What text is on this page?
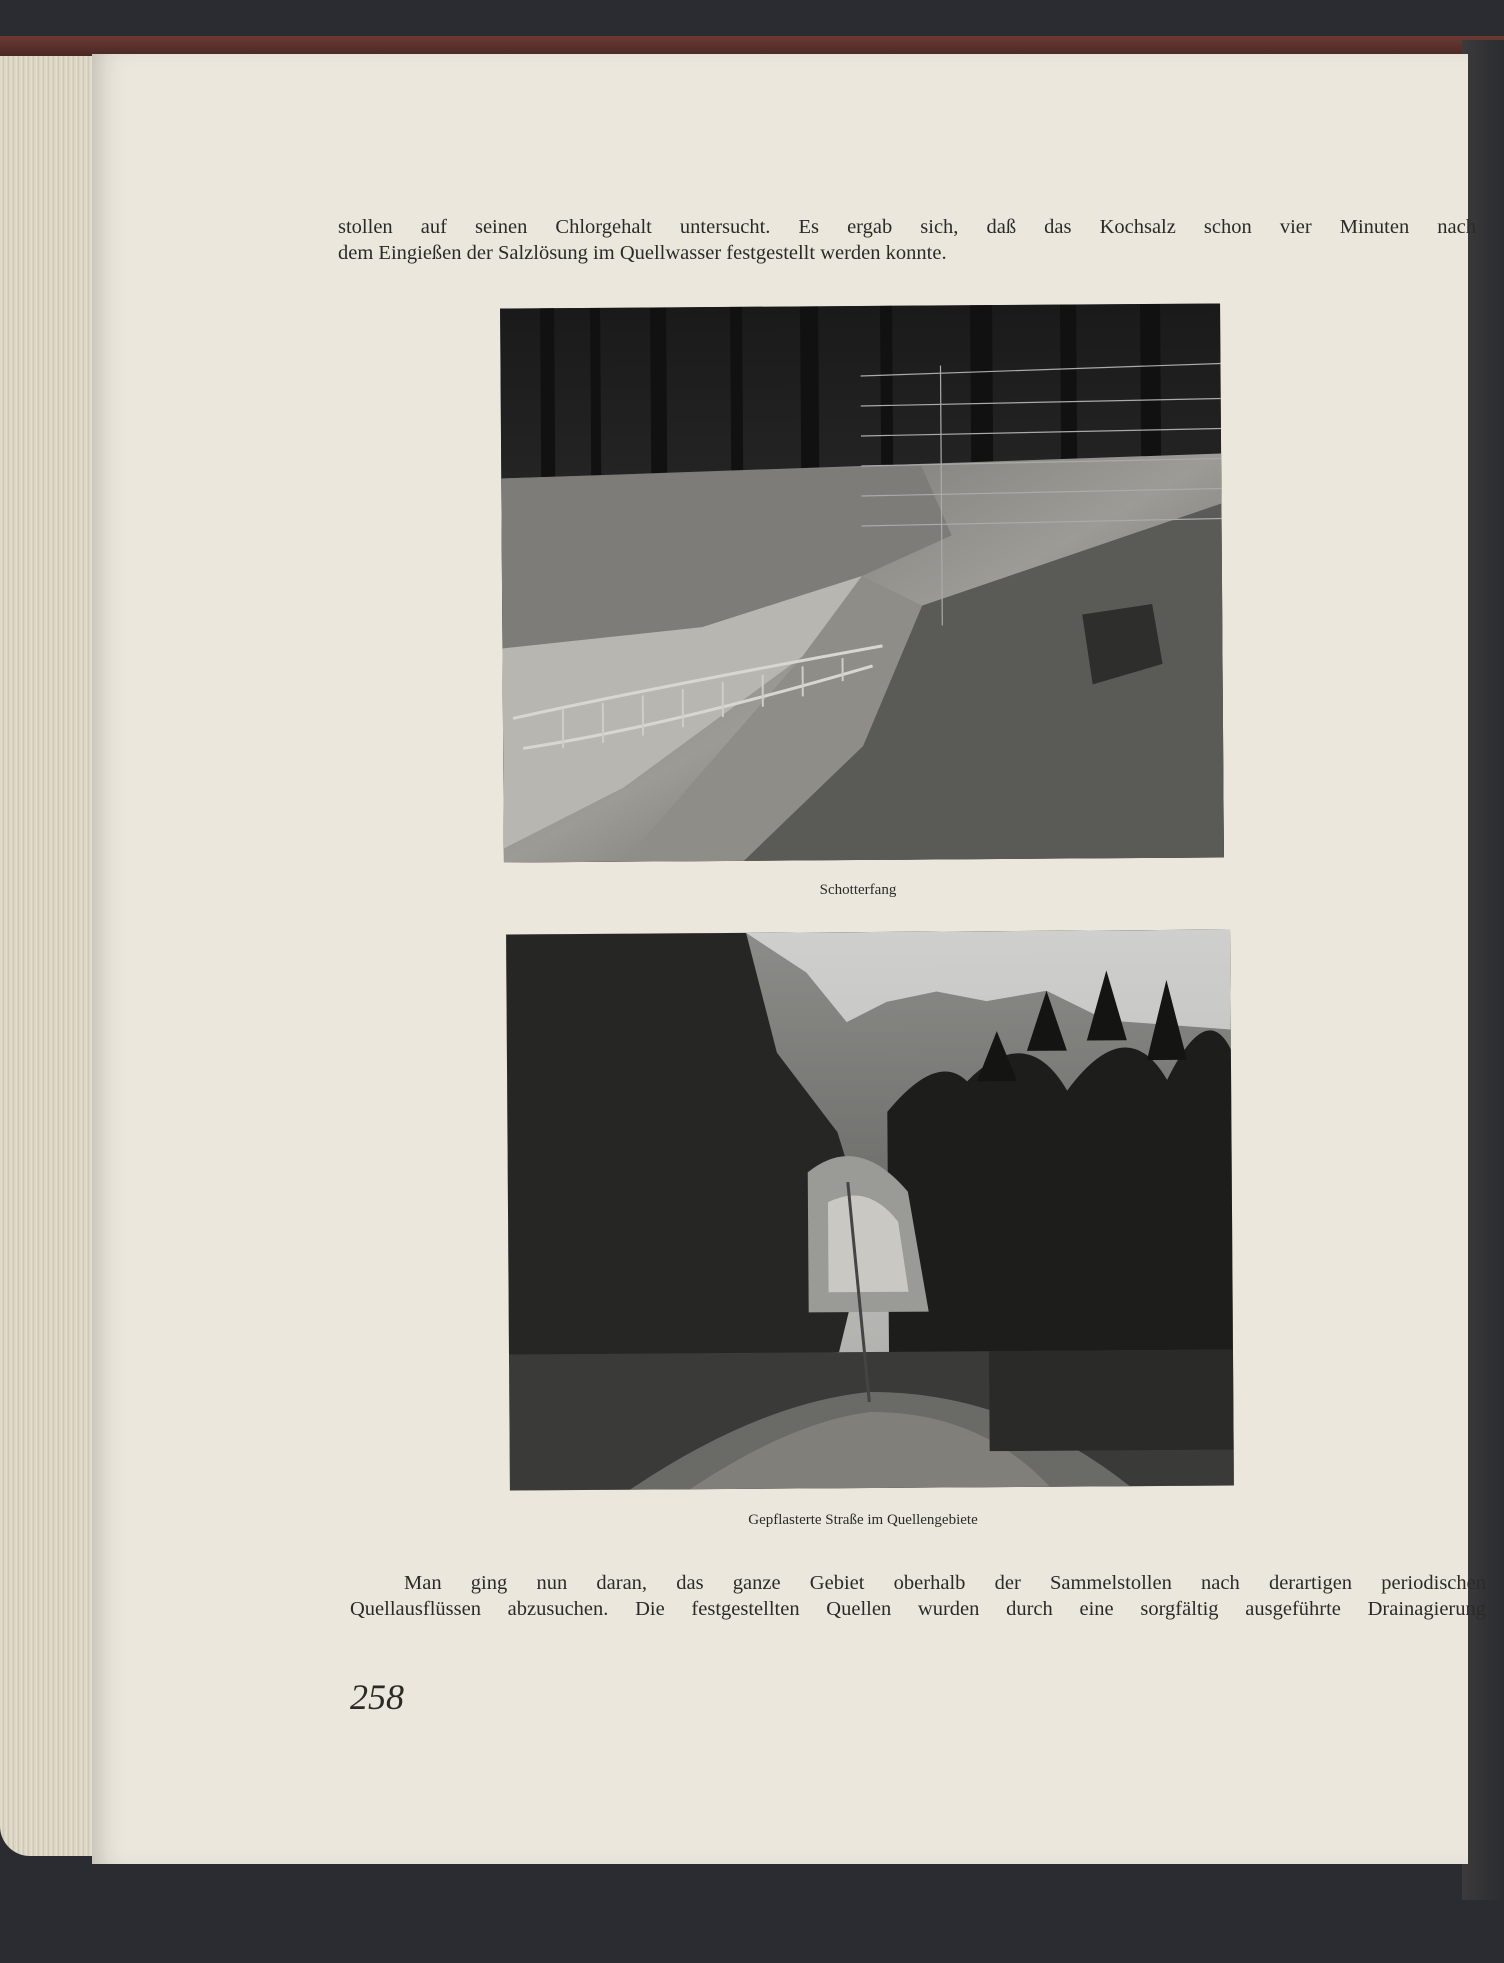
stollen auf seinen Chlorgehalt untersucht. Es ergab sich, daß das Kochsalz schon vier Minuten nach
dem Eingießen der Salzlösung im Quellwasser festgestellt werden konnte.
Schotterfang
Gepflasterte Straße im Quellengebiete
Man ging nun daran, das ganze Gebiet oberhalb der Sammelstollen nach derartigen periodischen
Quellausflüssen abzusuchen. Die festgestellten Quellen wurden durch eine sorgfältig ausgeführte Drainagierung
258
